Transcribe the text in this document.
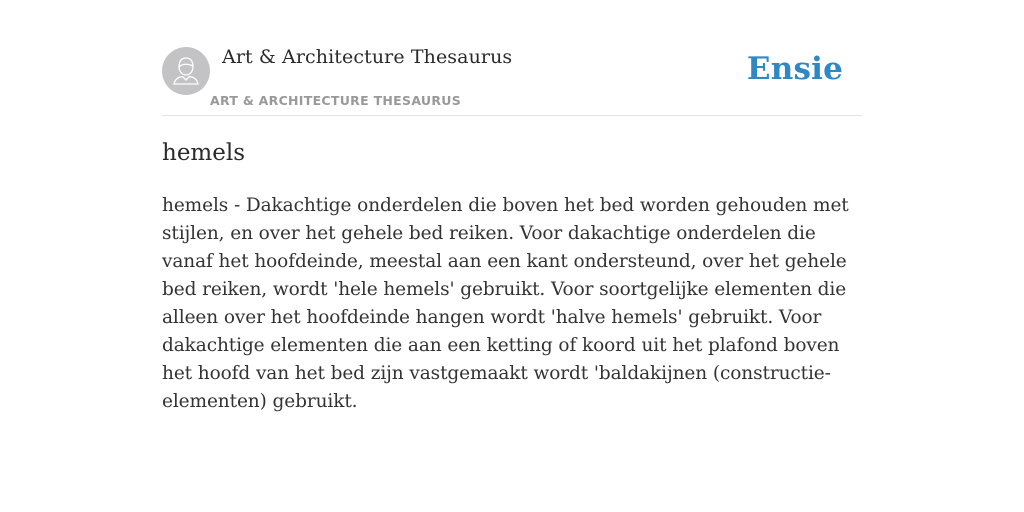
Art & Architecture Thesaurus
ART & ARCHITECTURE THESAURUS
Ensie
hemels

hemels - Dakachtige onderdelen die boven het bed worden gehouden met stijlen, en over het gehele bed reiken. Voor dakachtige onderdelen die vanaf het hoofdeinde, meestal aan een kant ondersteund, over het gehele bed reiken, wordt 'hele hemels' gebruikt. Voor soortgelijke elementen die alleen over het hoofdeinde hangen wordt 'halve hemels' gebruikt. Voor dakachtige elementen die aan een ketting of koord uit het plafond boven het hoofd van het bed zijn vastgemaakt wordt 'baldakijnen (constructie-elementen) gebruikt.
